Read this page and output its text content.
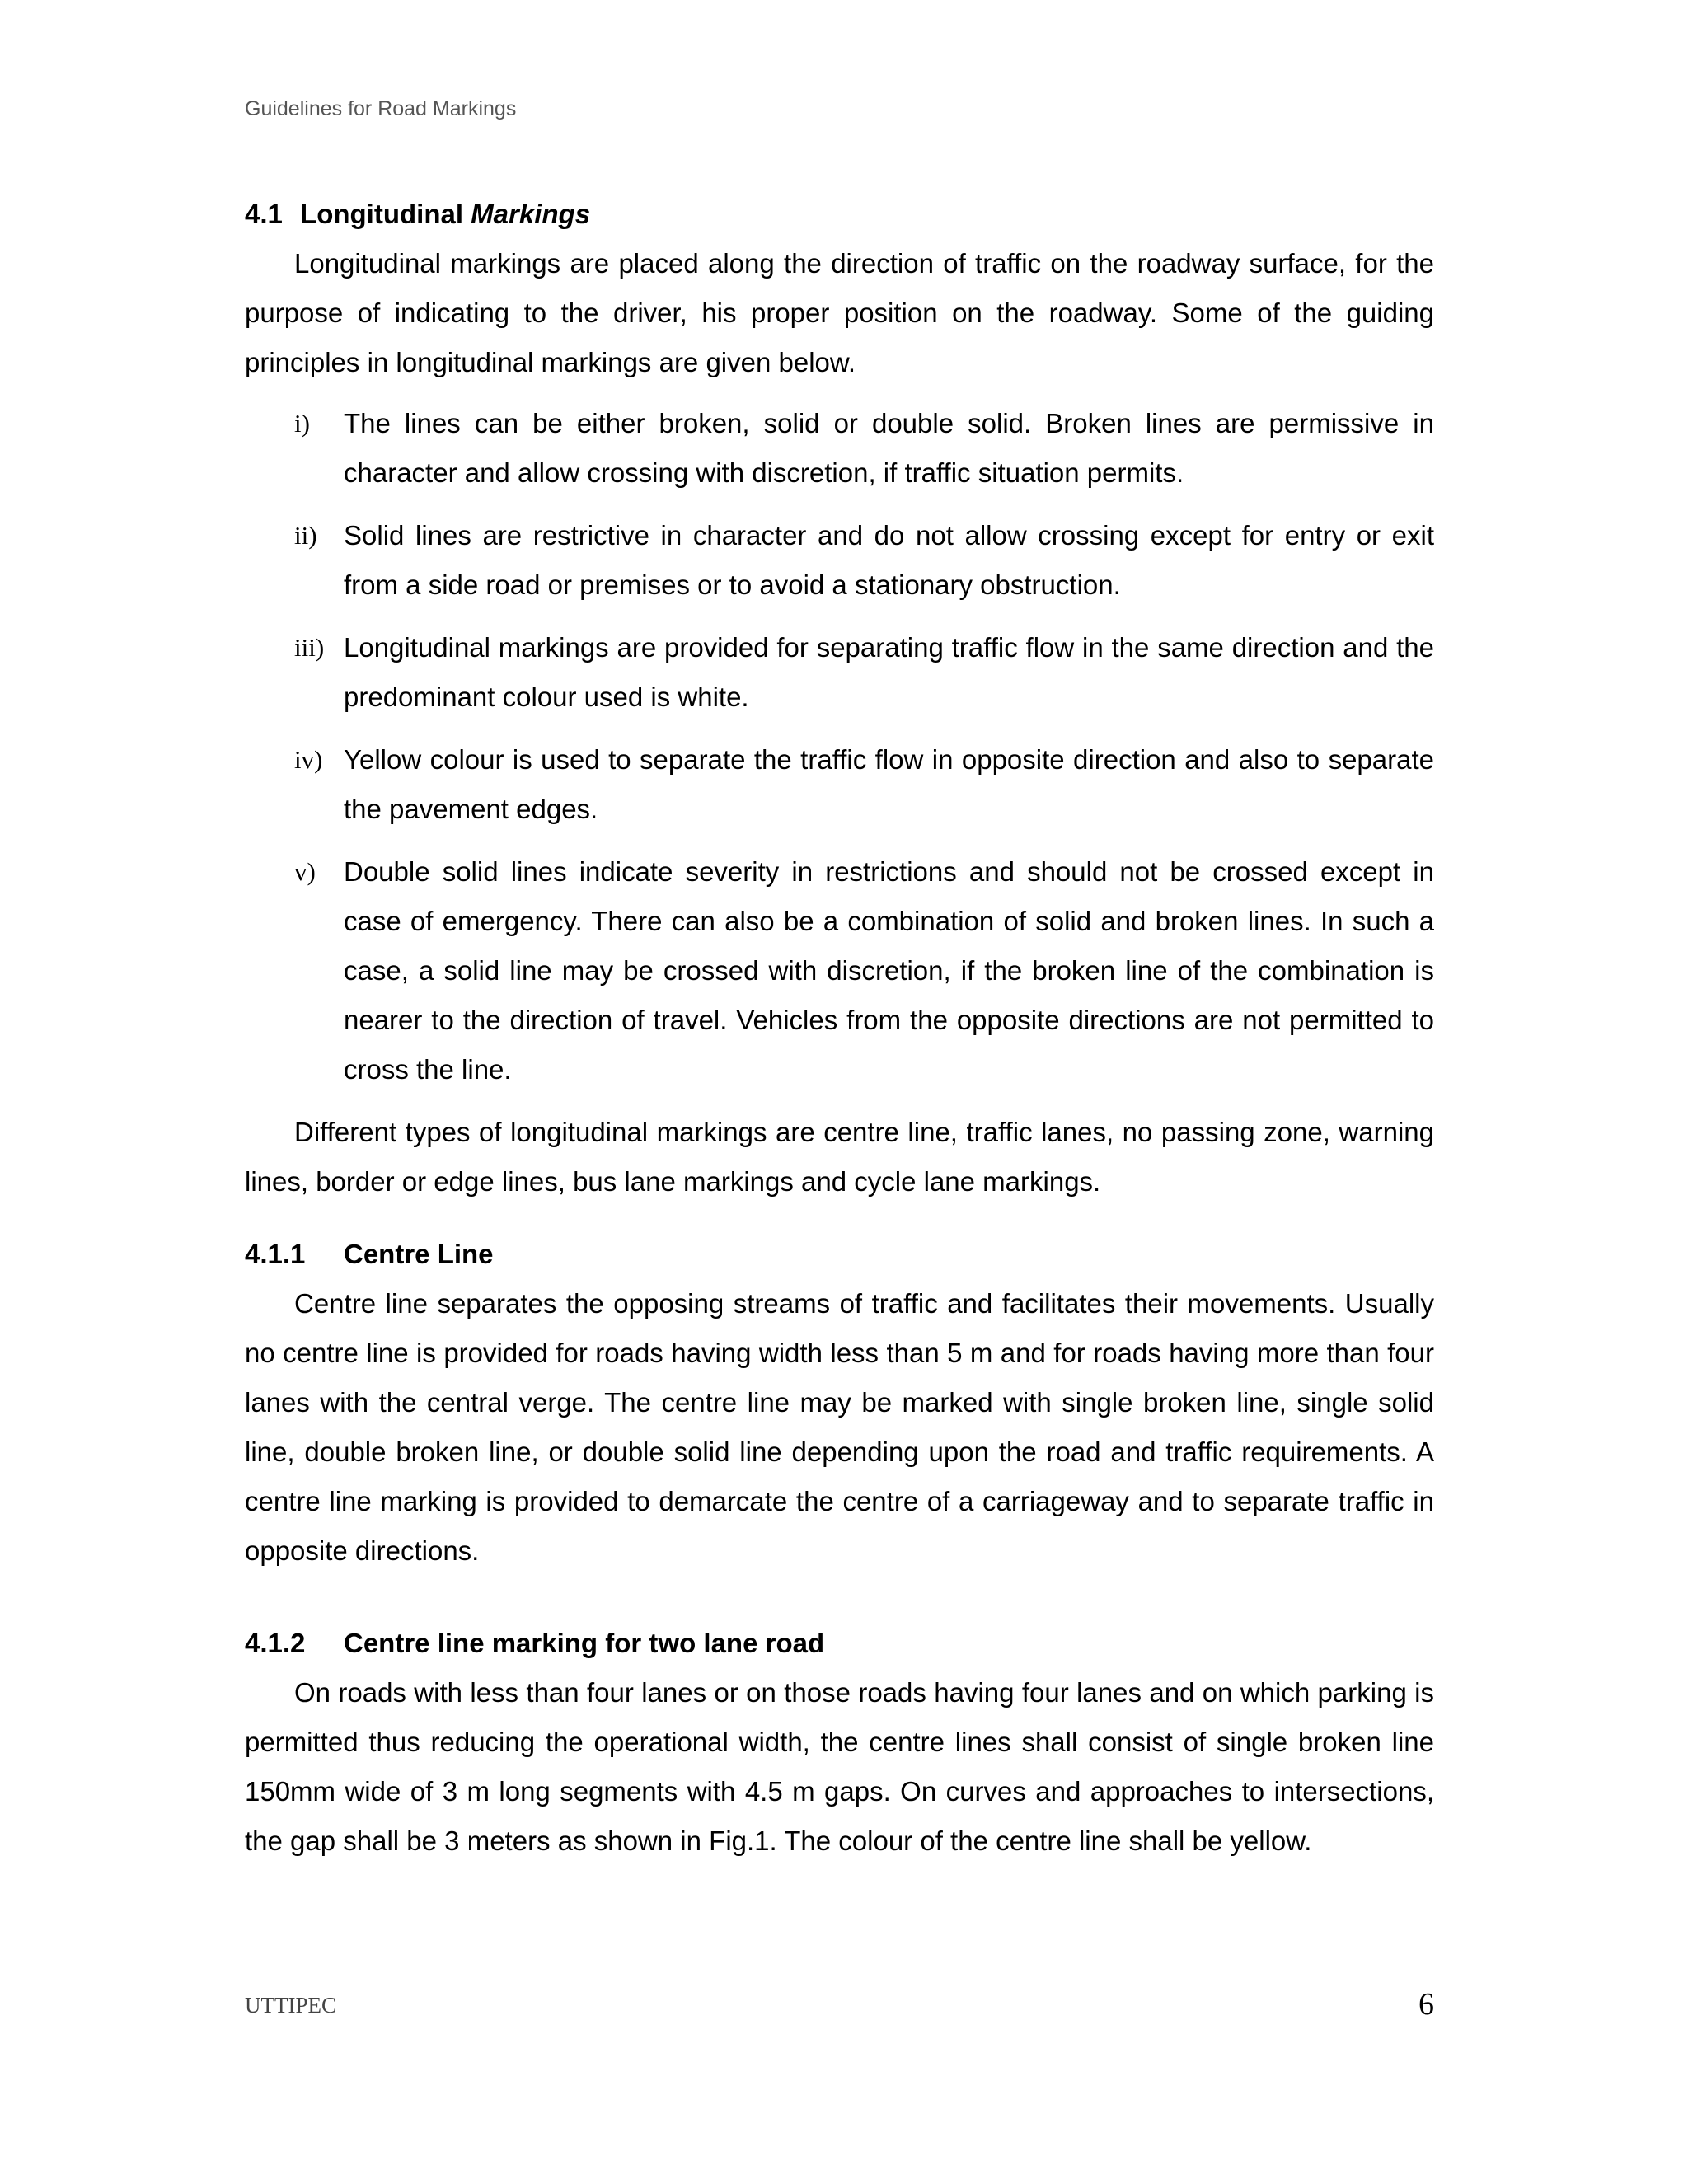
Guidelines for Road Markings
4.1 Longitudinal Markings

Longitudinal markings are placed along the direction of traffic on the roadway surface, for the purpose of indicating to the driver, his proper position on the roadway. Some of the guiding principles in longitudinal markings are given below.

i)	The lines can be either broken, solid or double solid. Broken lines are permissive in character and allow crossing with discretion, if traffic situation permits.
ii) Solid lines are restrictive in character and do not allow crossing except for entry or exit from a side road or premises or to avoid a stationary obstruction.
iii) Longitudinal markings are provided for separating traffic flow in the same direction and the predominant colour used is white.
iv) Yellow colour is used to separate the traffic flow in opposite direction and also to separate the pavement edges.
v)	Double solid lines indicate severity in restrictions and should not be crossed except in case of emergency. There can also be a combination of solid and broken lines. In such a case, a solid line may be crossed with discretion, if the broken line of the combination is nearer to the direction of travel. Vehicles from the opposite directions are not permitted to cross the line.

Different types of longitudinal markings are centre line, traffic lanes, no passing zone, warning lines, border or edge lines, bus lane markings and cycle lane markings.

4.1.1	Centre Line

Centre line separates the opposing streams of traffic and facilitates their movements. Usually no centre line is provided for roads having width less than 5 m and for roads having more than four lanes with the central verge. The centre line may be marked with single broken line, single solid line, double broken line, or double solid line depending upon the road and traffic requirements. A centre line marking is provided to demarcate the centre of a carriageway and to separate traffic in opposite directions.

4.1.2	Centre line marking for two lane road

On roads with less than four lanes or on those roads having four lanes and on which parking is permitted thus reducing the operational width, the centre lines shall consist of single broken line 150mm wide of 3 m long segments with 4.5 m gaps. On curves and approaches to intersections, the gap shall be 3 meters as shown in Fig.1. The colour of the centre line shall be yellow.

UTTIPEC	6
